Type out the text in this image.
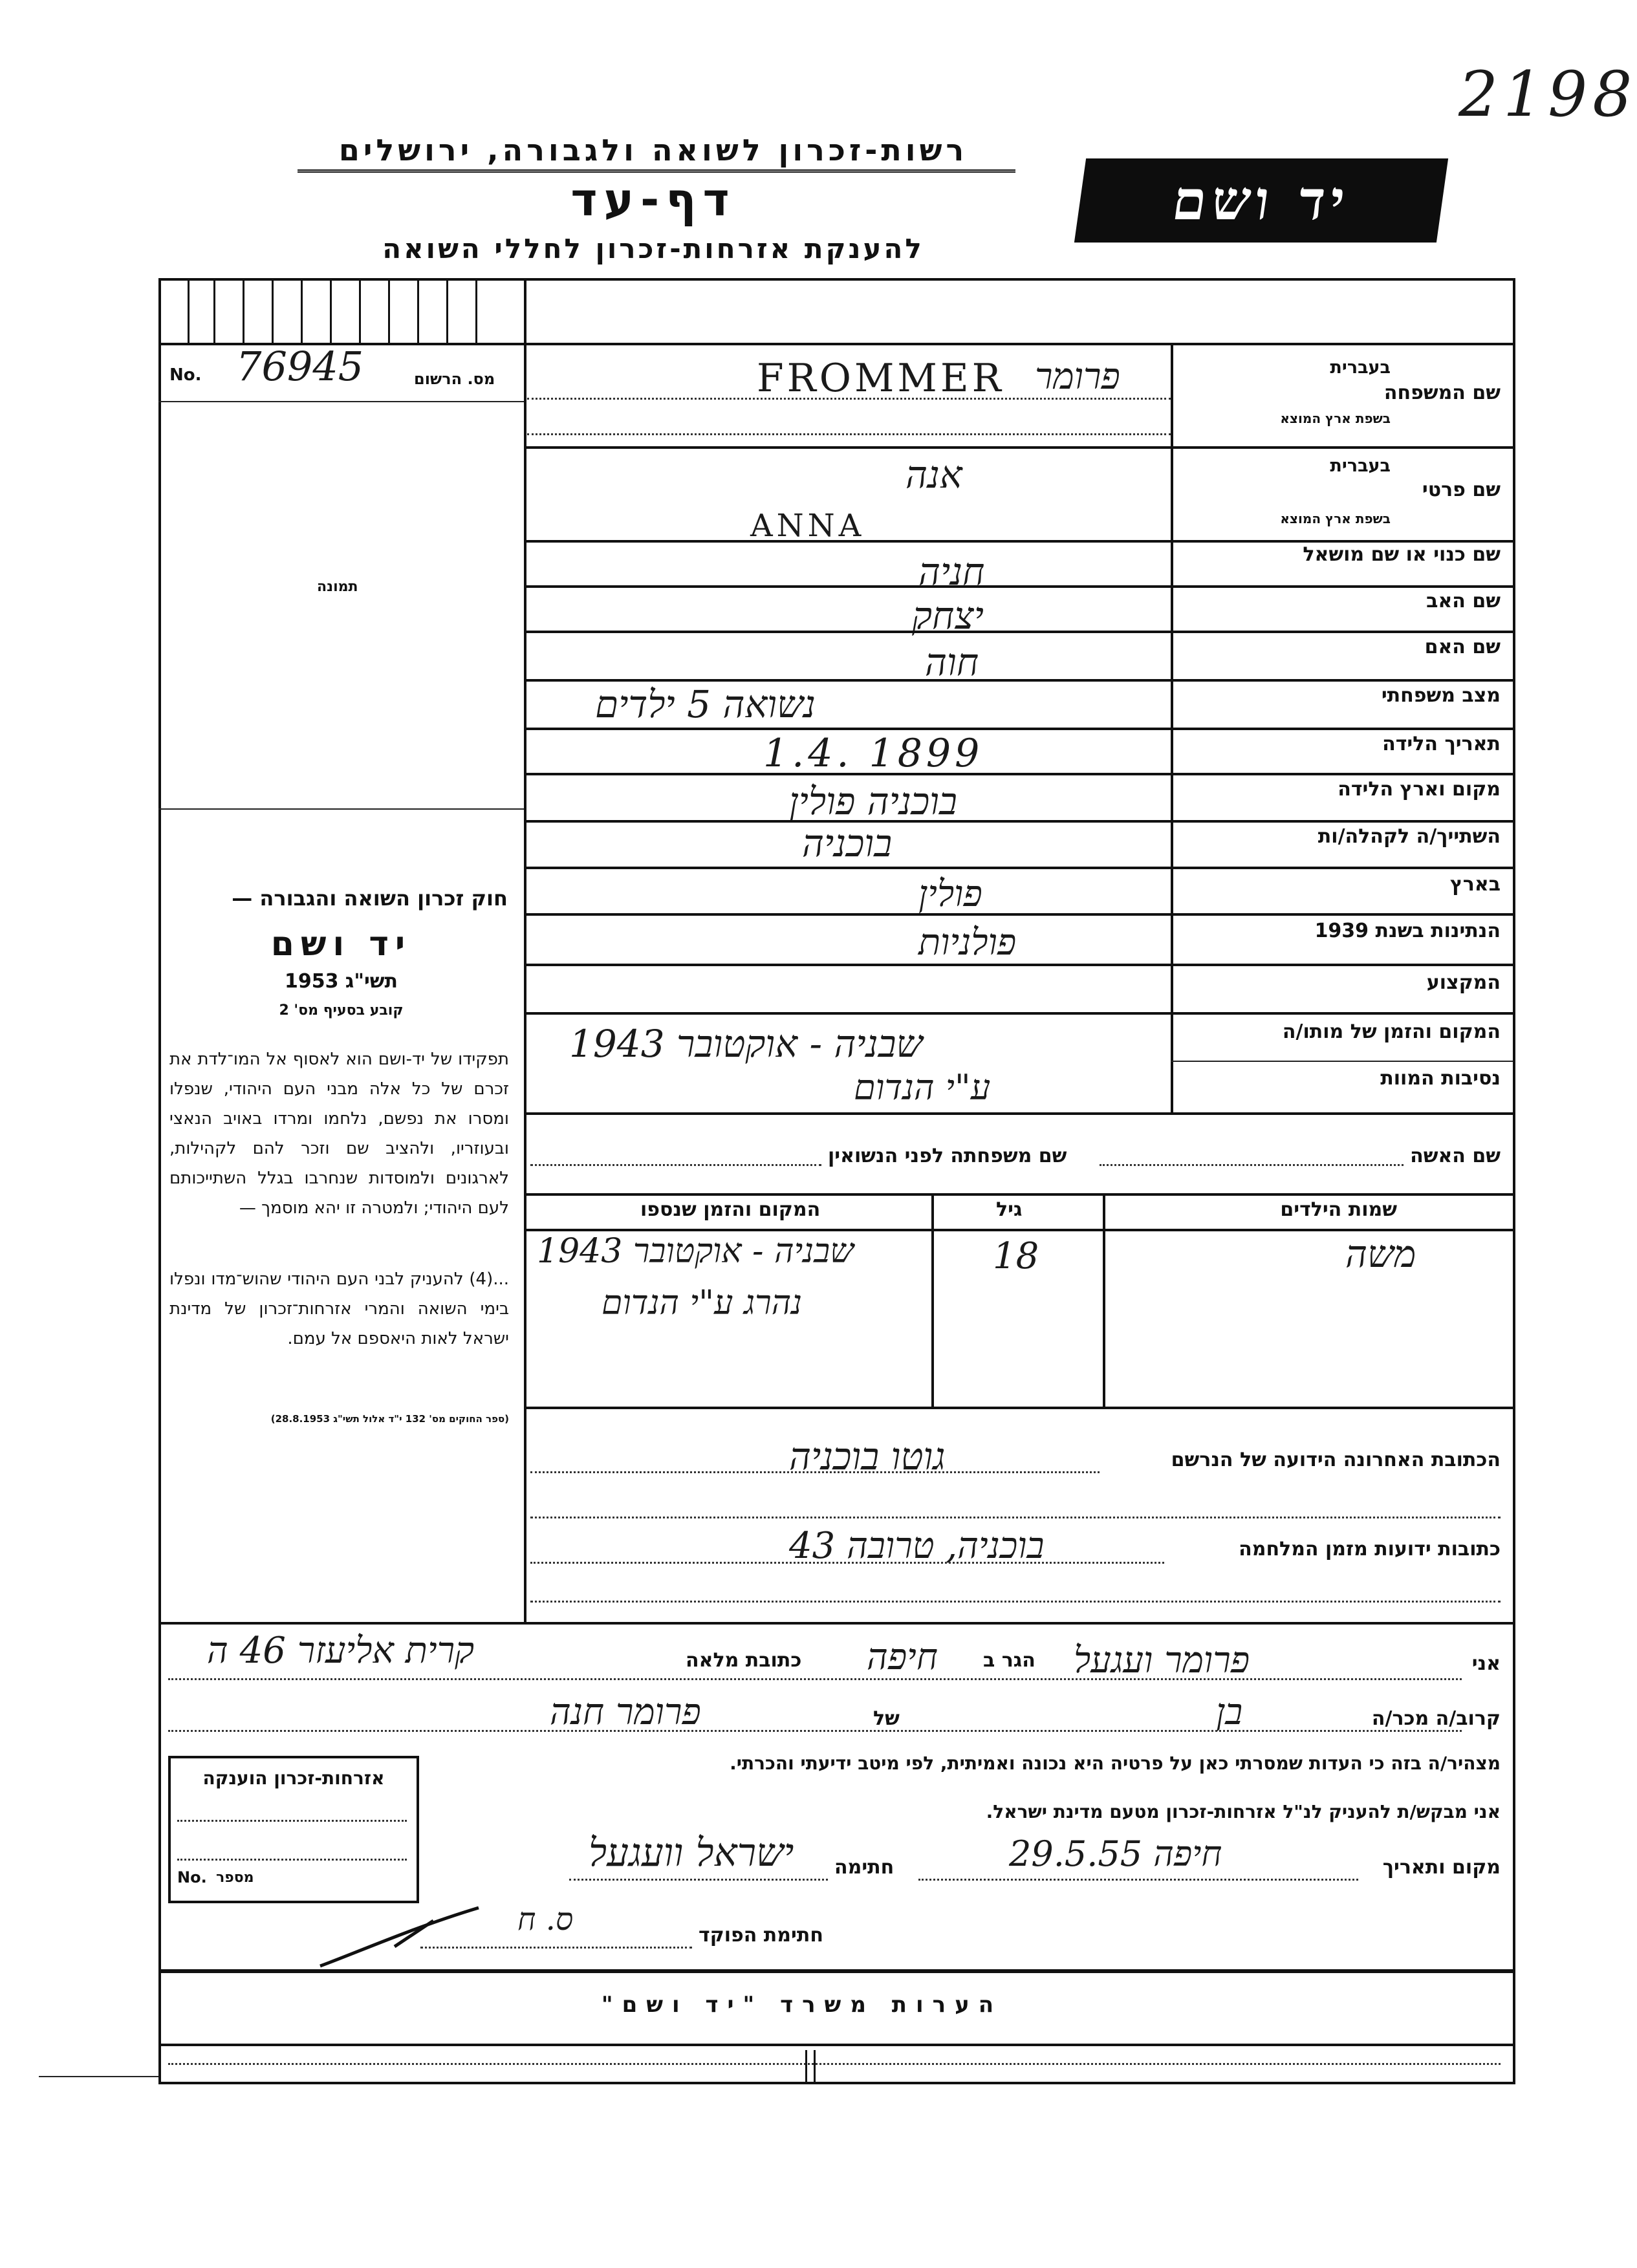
2198
רשות-זכרון לשואה ולגבורה, ירושלים
דף-עד
להענקת אזרחות-זכרון לחללי השואה
יד ושם
No. 76945	מס. הרשום
תמונה
חוק זכרון השואה והגבורה —
יד ושם
תשי"ג 1953
קובע בסעיף מס' 2
תפקידו של יד-ושם הוא לאסוף אל המו־לדת את זכרם של כל אלה מבני העם היהודי, שנפלו ומסרו את נפשם, נלחמו ומרדו באויב הנאצי ובעוזריו, ולהציב שם וזכר להם לקהילות, לארגונים ולמוסדות שנחרבו בגלל השתייכותם לעם היהודי; ולמטרה זו יהא מוסמך —
...(4) להעניק לבני העם היהודי שהוש־מדו ונפלו בימי השואה והמרי אזרחות־זכרון של מדינת ישראל לאות היאספם אל עמם.
(ספר החוקים מס' 132 י"ד אלול תשי"ג 28.8.1953)
שם המשפחה
בעברית
בשפת ארץ המוצא
FROMMER פרומר
שם פרטי
בעברית
בשפת ארץ המוצא
אנה
ANNA
שם כנוי או שם מושאל
חניה
שם האב
יצחק
שם האם
חוה
מצב משפחתי
נשואה 5 ילדים
תאריך הלידה
1.4. 1899
מקום וארץ הלידה
בוכניה פולין
השתייך/ה לקהלה/ות
בוכניה
בארץ
פולין
הנתינות בשנת 1939
פולניות
המקצוע
המקום והזמן של מותו/ה
שבניה - אוקטובר 1943
נסיבות המוות
ע"י הנדום
שם האשה
שם משפחתה לפני הנשואין
שמות הילדים
גיל
המקום והזמן שנספו
משה
18
שבניה - אוקטובר 1943
נהרג ע"י הנדום
הכתובת האחרונה הידועה של הנרשם
גוטו בוכניה
כתובות ידועות מזמן המלחמה
בוכניה, טרובה 43
אני
פרומר ועגעל
הגר ב
חיפה
כתובת מלאה
קרית אליעזר 46 ה
קרוב/ה מכר/ה
בן
של
פרומר חנה
מצהיר/ה בזה כי העדות שמסרתי כאן על פרטיה היא נכונה ואמיתית, לפי מיטב ידיעתי והכרתי.
אני מבקש/ת להעניק לנ"ל אזרחות-זכרון מטעם מדינת ישראל.
מקום ותאריך
חיפה 29.5.55
חתימה
ישראל וועגעל
חתימת הפוקד
ס. ח
אזרחות-זכרון הוענקה
No. מספר
הערות משרד "יד ושם"
